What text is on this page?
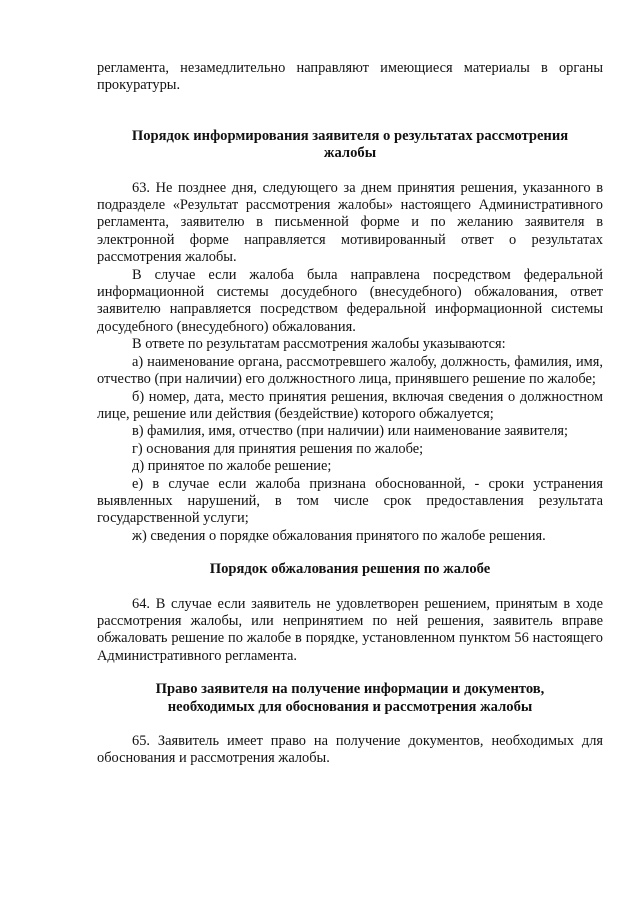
регламента, незамедлительно направляют имеющиеся материалы в органы прокуратуры.

Порядок информирования заявителя о результатах рассмотрения
жалобы

63. Не позднее дня, следующего за днем принятия решения, указанного в подразделе «Результат рассмотрения жалобы» настоящего Административного регламента, заявителю в письменной форме и по желанию заявителя в электронной форме направляется мотивированный ответ о результатах рассмотрения жалобы.

В случае если жалоба была направлена посредством федеральной информационной системы досудебного (внесудебного) обжалования, ответ заявителю направляется посредством федеральной информационной системы досудебного (внесудебного) обжалования.

В ответе по результатам рассмотрения жалобы указываются:

а) наименование органа, рассмотревшего жалобу, должность, фамилия, имя, отчество (при наличии) его должностного лица, принявшего решение по жалобе;

б) номер, дата, место принятия решения, включая сведения о должностном лице, решение или действия (бездействие) которого обжалуется;

в) фамилия, имя, отчество (при наличии) или наименование заявителя;

г) основания для принятия решения по жалобе;

д) принятое по жалобе решение;

е) в случае если жалоба признана обоснованной, - сроки устранения выявленных нарушений, в том числе срок предоставления результата государственной услуги;

ж) сведения о порядке обжалования принятого по жалобе решения.

Порядок обжалования решения по жалобе

64. В случае если заявитель не удовлетворен решением, принятым в ходе рассмотрения жалобы, или непринятием по ней решения, заявитель вправе обжаловать решение по жалобе в порядке, установленном пунктом 56 настоящего Административного регламента.

Право заявителя на получение информации и документов,
необходимых для обоснования и рассмотрения жалобы

65. Заявитель имеет право на получение документов, необходимых для обоснования и рассмотрения жалобы.
